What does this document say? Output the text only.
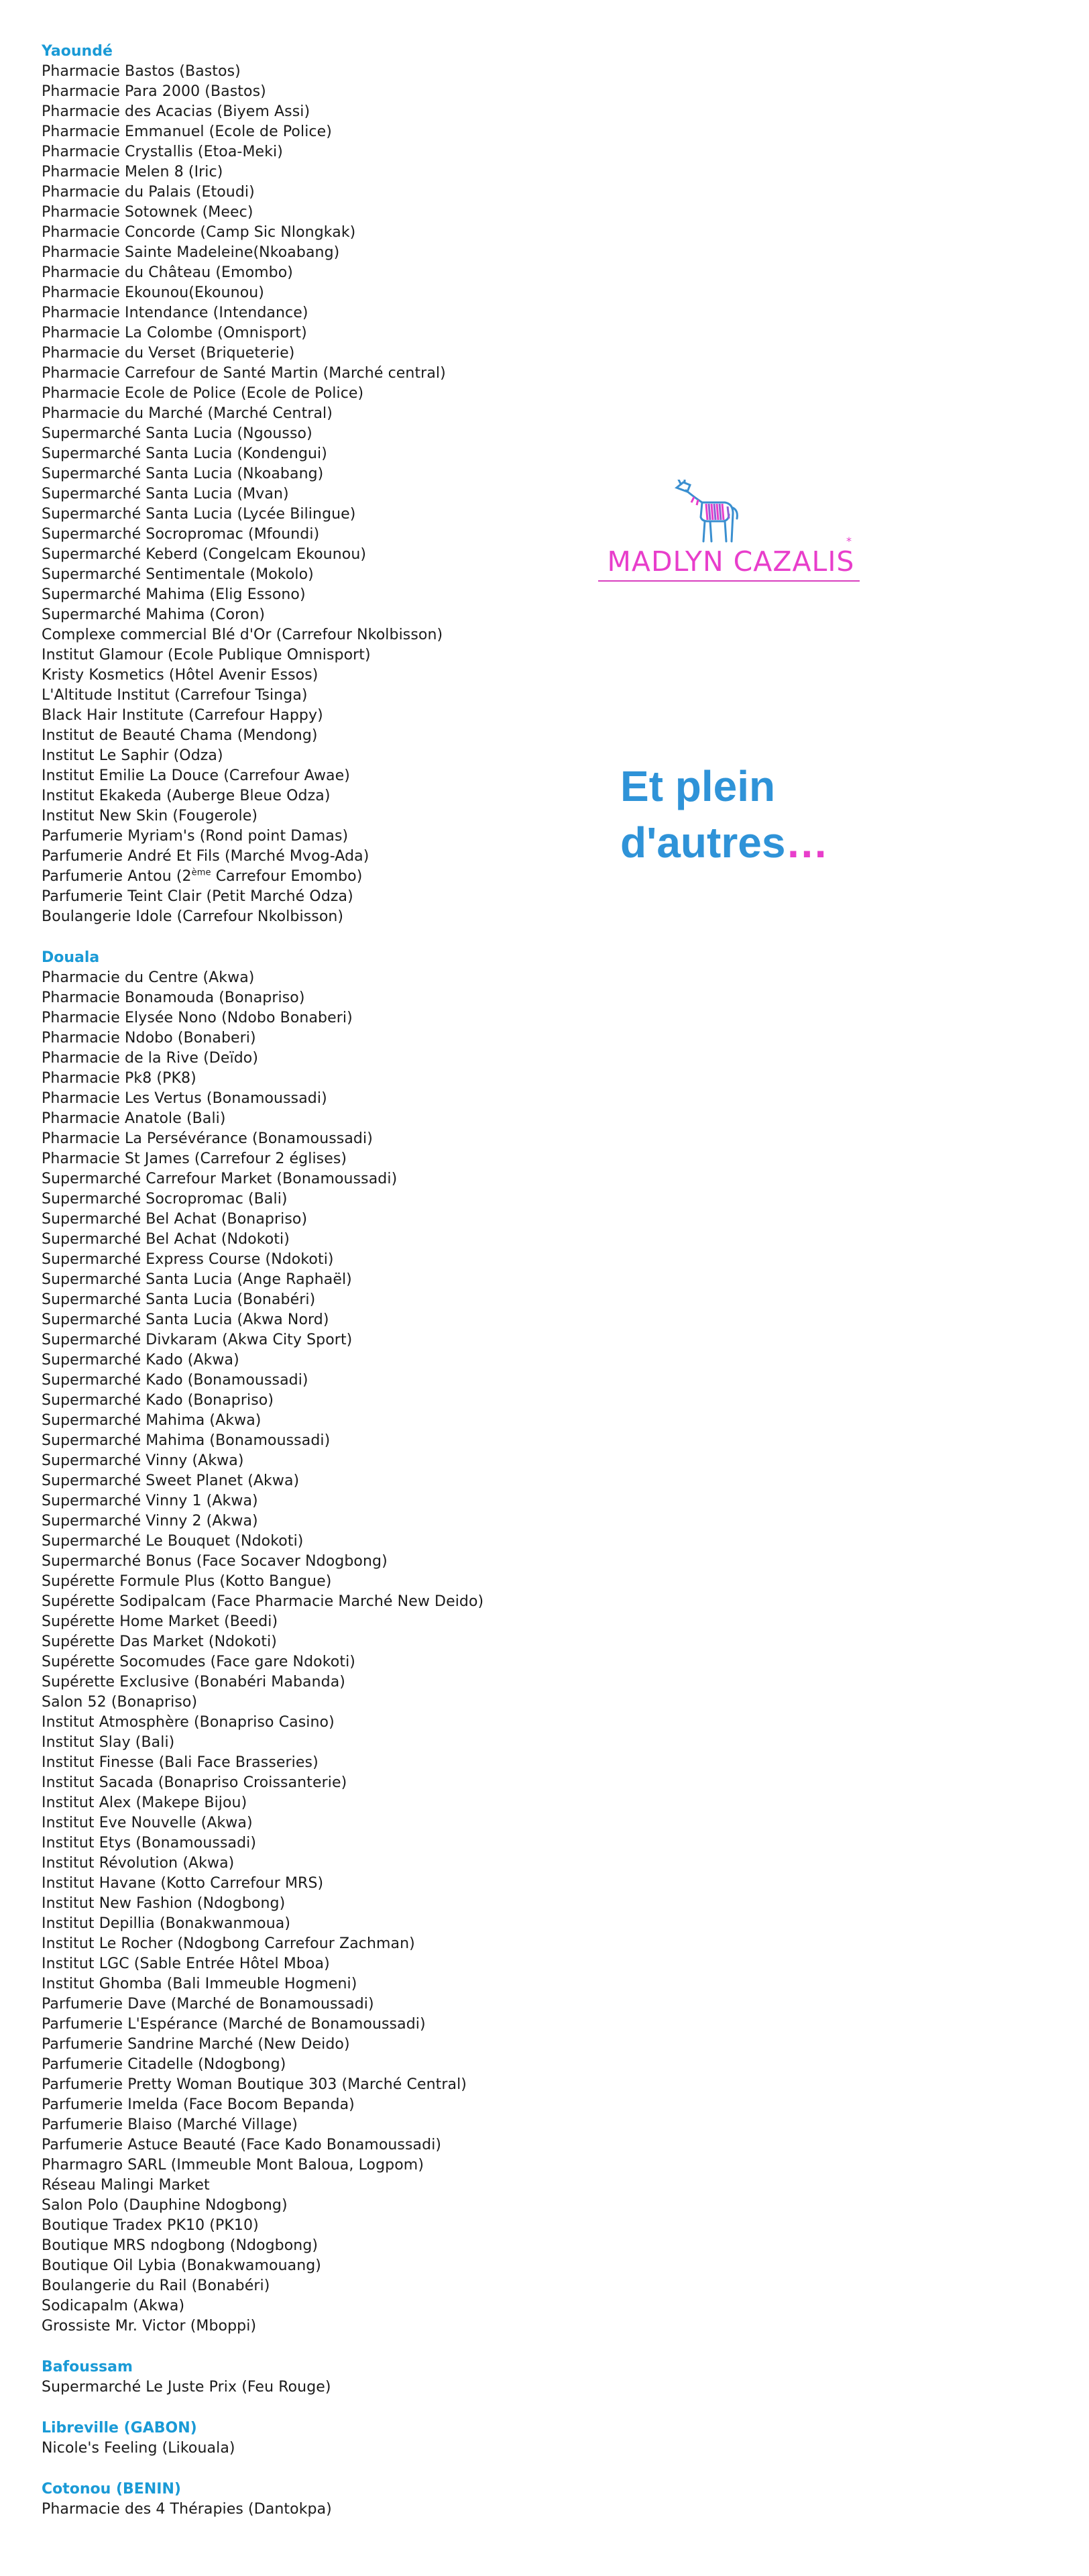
Yaoundé
Pharmacie Bastos (Bastos)
Pharmacie Para 2000 (Bastos)
Pharmacie des Acacias (Biyem Assi)
Pharmacie Emmanuel (Ecole de Police)
Pharmacie Crystallis (Etoa-Meki)
Pharmacie Melen 8 (Iric)
Pharmacie du Palais (Etoudi)
Pharmacie Sotownek (Meec)
Pharmacie Concorde (Camp Sic Nlongkak)
Pharmacie Sainte Madeleine(Nkoabang)
Pharmacie du Château (Emombo)
Pharmacie Ekounou(Ekounou)
Pharmacie Intendance (Intendance)
Pharmacie La Colombe (Omnisport)
Pharmacie du Verset (Briqueterie)
Pharmacie Carrefour de Santé Martin (Marché central)
Pharmacie Ecole de Police (Ecole de Police)
Pharmacie du Marché (Marché Central)
Supermarché Santa Lucia (Ngousso)
Supermarché Santa Lucia (Kondengui)
Supermarché Santa Lucia (Nkoabang)
Supermarché Santa Lucia (Mvan)
Supermarché Santa Lucia (Lycée Bilingue)
Supermarché Socropromac (Mfoundi)
Supermarché Keberd (Congelcam Ekounou)
Supermarché Sentimentale (Mokolo)
Supermarché Mahima (Elig Essono)
Supermarché Mahima (Coron)
Complexe commercial Blé d'Or (Carrefour Nkolbisson)
Institut Glamour (Ecole Publique Omnisport)
Kristy Kosmetics (Hôtel Avenir Essos)
L'Altitude Institut (Carrefour Tsinga)
Black Hair Institute (Carrefour Happy)
Institut de Beauté Chama (Mendong)
Institut Le Saphir (Odza)
Institut Emilie La Douce (Carrefour Awae)
Institut Ekakeda (Auberge Bleue Odza)
Institut New Skin (Fougerole)
Parfumerie Myriam's (Rond point Damas)
Parfumerie André Et Fils (Marché Mvog-Ada)
Parfumerie Antou (2ème Carrefour Emombo)
Parfumerie Teint Clair (Petit Marché Odza)
Boulangerie Idole (Carrefour Nkolbisson)
Douala
Pharmacie du Centre (Akwa)
Pharmacie Bonamouda (Bonapriso)
Pharmacie Elysée Nono (Ndobo Bonaberi)
Pharmacie Ndobo (Bonaberi)
Pharmacie de la Rive (Deïdo)
Pharmacie Pk8 (PK8)
Pharmacie Les Vertus (Bonamoussadi)
Pharmacie Anatole (Bali)
Pharmacie La Persévérance (Bonamoussadi)
Pharmacie St James (Carrefour 2 églises)
Supermarché Carrefour Market (Bonamoussadi)
Supermarché Socropromac (Bali)
Supermarché Bel Achat (Bonapriso)
Supermarché Bel Achat (Ndokoti)
Supermarché Express Course (Ndokoti)
Supermarché Santa Lucia (Ange Raphaël)
Supermarché Santa Lucia (Bonabéri)
Supermarché Santa Lucia (Akwa Nord)
Supermarché Divkaram (Akwa City Sport)
Supermarché Kado (Akwa)
Supermarché Kado (Bonamoussadi)
Supermarché Kado (Bonapriso)
Supermarché Mahima (Akwa)
Supermarché Mahima (Bonamoussadi)
Supermarché Vinny (Akwa)
Supermarché Sweet Planet (Akwa)
Supermarché Vinny 1 (Akwa)
Supermarché Vinny 2 (Akwa)
Supermarché Le Bouquet (Ndokoti)
Supermarché Bonus (Face Socaver Ndogbong)
Supérette Formule Plus (Kotto Bangue)
Supérette Sodipalcam (Face Pharmacie Marché New Deido)
Supérette Home Market (Beedi)
Supérette Das Market (Ndokoti)
Supérette Socomudes (Face gare Ndokoti)
Supérette Exclusive (Bonabéri Mabanda)
Salon 52 (Bonapriso)
Institut Atmosphère (Bonapriso Casino)
Institut Slay (Bali)
Institut Finesse (Bali Face Brasseries)
Institut Sacada (Bonapriso Croissanterie)
Institut Alex (Makepe Bijou)
Institut Eve Nouvelle (Akwa)
Institut Etys (Bonamoussadi)
Institut Révolution (Akwa)
Institut Havane (Kotto Carrefour MRS)
Institut New Fashion (Ndogbong)
Institut Depillia (Bonakwanmoua)
Institut Le Rocher (Ndogbong Carrefour Zachman)
Institut LGC (Sable Entrée Hôtel Mboa)
Institut Ghomba (Bali Immeuble Hogmeni)
Parfumerie Dave (Marché de Bonamoussadi)
Parfumerie L'Espérance (Marché de Bonamoussadi)
Parfumerie Sandrine Marché (New Deido)
Parfumerie Citadelle (Ndogbong)
Parfumerie Pretty Woman Boutique 303 (Marché Central)
Parfumerie Imelda (Face Bocom Bepanda)
Parfumerie Blaiso (Marché Village)
Parfumerie Astuce Beauté (Face Kado Bonamoussadi)
Pharmagro SARL (Immeuble Mont Baloua, Logpom)
Réseau Malingi Market
Salon Polo (Dauphine Ndogbong)
Boutique Tradex PK10 (PK10)
Boutique MRS ndogbong (Ndogbong)
Boutique Oil Lybia (Bonakwamouang)
Boulangerie du Rail (Bonabéri)
Sodicapalm (Akwa)
Grossiste Mr. Victor (Mboppi)
Bafoussam
Supermarché Le Juste Prix (Feu Rouge)
Libreville (GABON)
Nicole's Feeling (Likouala)
Cotonou (BENIN)
Pharmacie des 4 Thérapies (Dantokpa)
MADLYN CAZALIS
*
Et plein
d'autres…
